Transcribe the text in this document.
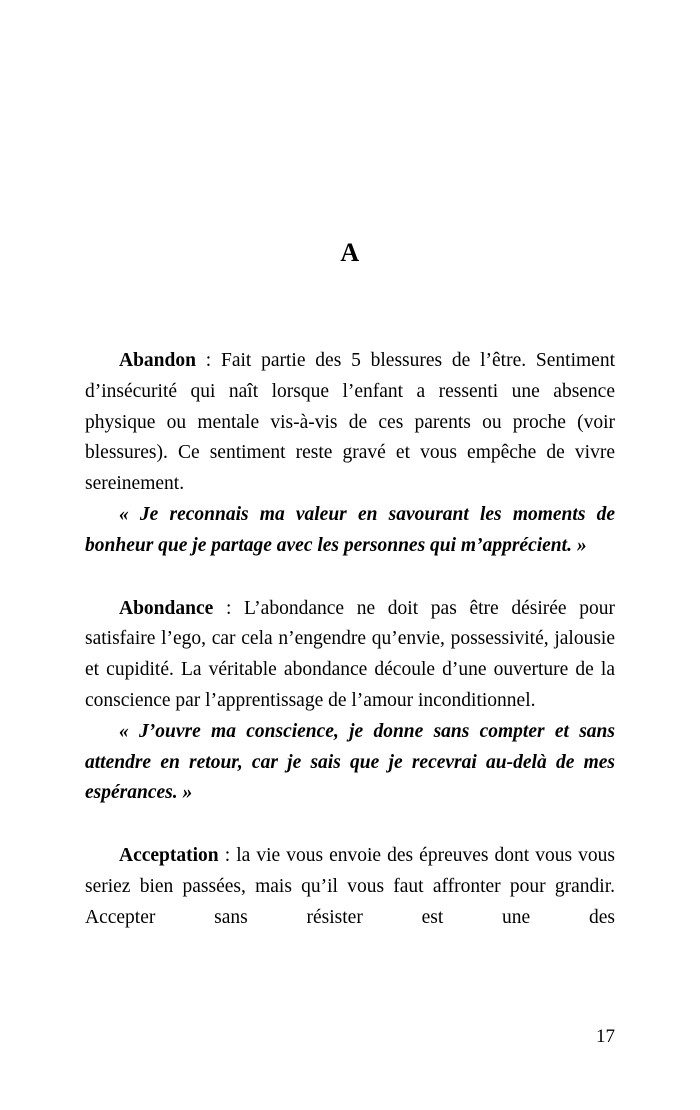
A

Abandon : Fait partie des 5 blessures de l’être. Sentiment d’insécurité qui naît lorsque l’enfant a ressenti une absence physique ou mentale vis-à-vis de ces parents ou proche (voir blessures). Ce sentiment reste gravé et vous empêche de vivre sereinement.

« Je reconnais ma valeur en savourant les moments de bonheur que je partage avec les personnes qui m’apprécient. »

Abondance : L’abondance ne doit pas être désirée pour satisfaire l’ego, car cela n’engendre qu’envie, possessivité, jalousie et cupidité. La véritable abondance découle d’une ouverture de la conscience par l’apprentissage de l’amour inconditionnel.

« J’ouvre ma conscience, je donne sans compter et sans attendre en retour, car je sais que je recevrai au-delà de mes espérances. »

Acceptation : la vie vous envoie des épreuves dont vous vous seriez bien passées, mais qu’il vous faut affronter pour grandir. Accepter sans résister est une des

17
